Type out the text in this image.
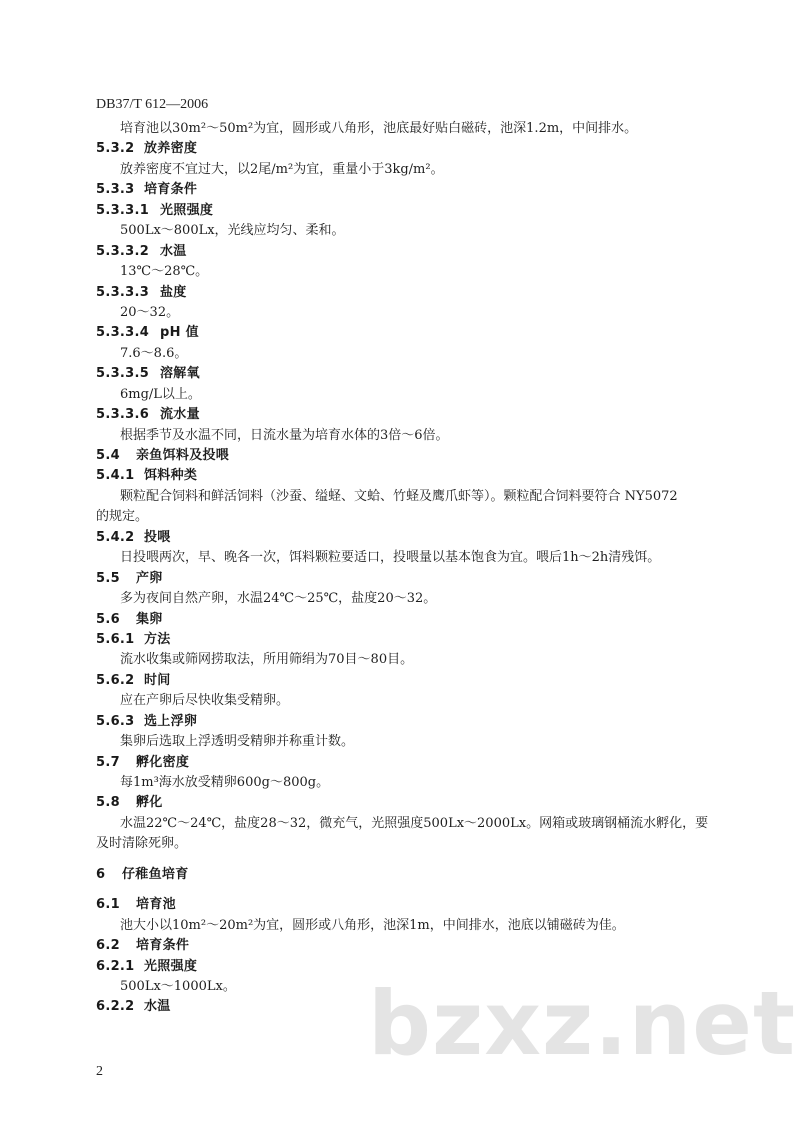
DB37/T 612—2006
培育池以30m²～50m²为宜，圆形或八角形，池底最好贴白磁砖，池深1.2m，中间排水。
5.3.2 放养密度
放养密度不宜过大，以2尾/m²为宜，重量小于3kg/m²。
5.3.3 培育条件
5.3.3.1 光照强度
500Lx～800Lx，光线应均匀、柔和。
5.3.3.2 水温
13℃～28℃。
5.3.3.3 盐度
20～32。
5.3.3.4 pH 值
7.6～8.6。
5.3.3.5 溶解氧
6mg/L以上。
5.3.3.6 流水量
根据季节及水温不同，日流水量为培育水体的3倍～6倍。
5.4 亲鱼饵料及投喂
5.4.1 饵料种类
颗粒配合饲料和鲜活饲料（沙蚕、缢蛏、文蛤、竹蛏及鹰爪虾等）。颗粒配合饲料要符合 NY5072
的规定。
5.4.2 投喂
日投喂两次，早、晚各一次，饵料颗粒要适口，投喂量以基本饱食为宜。喂后1h～2h清残饵。
5.5 产卵
多为夜间自然产卵，水温24℃～25℃，盐度20～32。
5.6 集卵
5.6.1 方法
流水收集或筛网捞取法，所用筛绢为70目～80目。
5.6.2 时间
应在产卵后尽快收集受精卵。
5.6.3 选上浮卵
集卵后选取上浮透明受精卵并称重计数。
5.7 孵化密度
每1m³海水放受精卵600g～800g。
5.8 孵化
水温22℃～24℃，盐度28～32，微充气，光照强度500Lx～2000Lx。网箱或玻璃钢桶流水孵化，要
及时清除死卵。
6 仔稚鱼培育
6.1 培育池
池大小以10m²～20m²为宜，圆形或八角形，池深1m，中间排水，池底以铺磁砖为佳。
6.2 培育条件
6.2.1 光照强度
500Lx～1000Lx。
6.2.2 水温
2	bzxz.net
